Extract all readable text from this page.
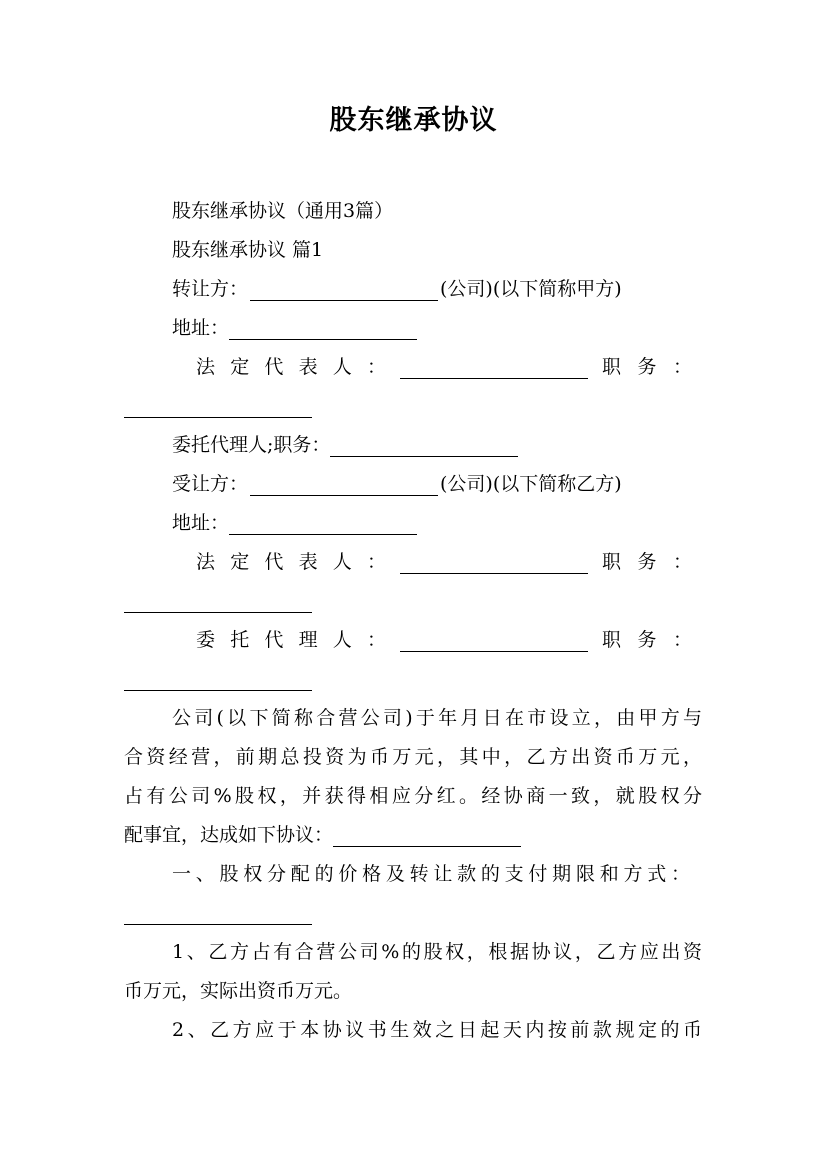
股东继承协议
股东继承协议（通用3篇）
股东继承协议 篇1
转让方：	(公司)(以下简称甲方)
地址：
法 定 代 表 人 ：	职 务 ：
委托代理人;职务：
受让方：	(公司)(以下简称乙方)
地址：
法 定 代 表 人 ：	职 务 ：
委 托 代 理 人 ：	职 务 ：
公司(以下简称合营公司)于年月日在市设立，由甲方与
合资经营，前期总投资为币万元，其中，乙方出资币万元，
占有公司%股权，并获得相应分红。经协商一致，就股权分
配事宜，达成如下协议：
一、股权分配的价格及转让款的支付期限和方式：
1、乙方占有合营公司%的股权，根据协议，乙方应出资
币万元，实际出资币万元。
2、乙方应于本协议书生效之日起天内按前款规定的币
